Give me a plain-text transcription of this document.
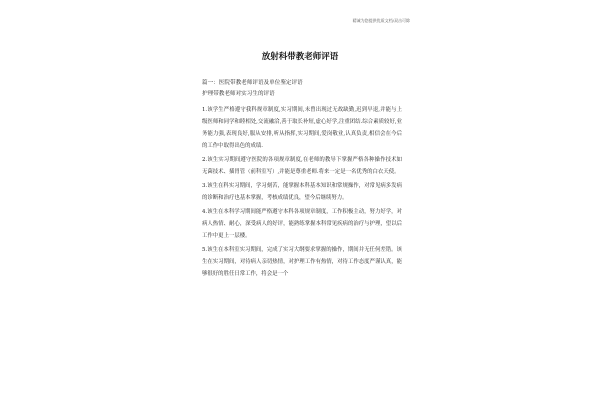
精诚为您提供优质文档/双击可除
放射科带教老师评语

篇一：医院带教老师评语及单位鉴定评语

护理带教老师对实习生的评语

1.该学生严格遵守我科规章制度,实习期间,未曾出现过无故缺勤,迟到早退,并能与上级医师和同学和睦相处,交流融洽,善于取长补短,虚心好学,注重团结.综合素质较好,业务能力强,表现良好,服从安排,听从指挥,实习期间,爱岗敬业,认真负责,相信会在今后的工作中取得出色的成绩.

2.该生实习期间遵守医院的各项规章制度,在老师的教导下掌握严格各种操作技术如无菌技术、插胃管（前科室写）,并能是尊重老师.将来一定是一名优秀的白衣天使。

3.该生在科实习期间，学习刻苦，能掌握本科基本知识和常规操作，对常见病多发病的诊断和治疗也基本掌握，考核成绩优良，望今后继续努力。

4.该生在本科学习期间能严格遵守本科各项规章制度，工作积极主动，努力好学，对病人热情、耐心，深受病人的好评，能熟练掌握本科常见疾病的治疗与护理，望以后工作中更上一层楼。

5.该生在本科室实习期间，完成了实习大纲要求掌握的操作，期间并无任何差错。该生在实习期间，对待病人亲切热情，对护理工作有热情，对待工作态度严谨认真，能够很好的胜任日常工作，将会是一个
